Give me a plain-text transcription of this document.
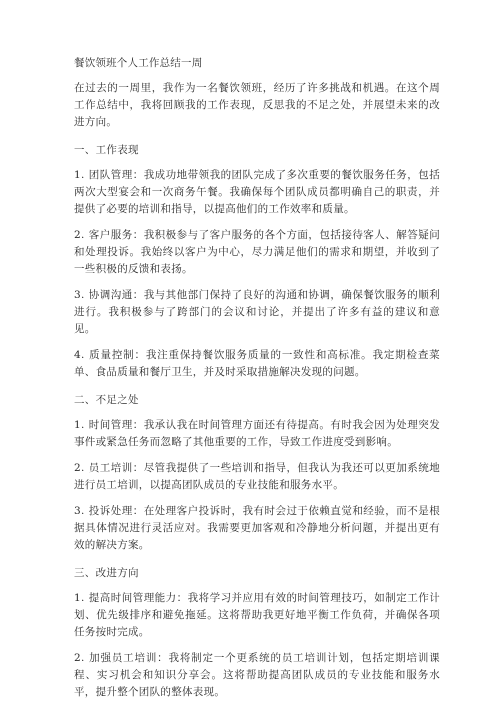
餐饮领班个人工作总结一周
在过去的一周里，我作为一名餐饮领班，经历了许多挑战和机遇。在这个周工作总结中，我将回顾我的工作表现，反思我的不足之处，并展望未来的改进方向。
一、工作表现
1. 团队管理：我成功地带领我的团队完成了多次重要的餐饮服务任务，包括两次大型宴会和一次商务午餐。我确保每个团队成员都明确自己的职责，并提供了必要的培训和指导，以提高他们的工作效率和质量。
2. 客户服务：我积极参与了客户服务的各个方面，包括接待客人、解答疑问和处理投诉。我始终以客户为中心，尽力满足他们的需求和期望，并收到了一些积极的反馈和表扬。
3. 协调沟通：我与其他部门保持了良好的沟通和协调，确保餐饮服务的顺利进行。我积极参与了跨部门的会议和讨论，并提出了许多有益的建议和意见。
4. 质量控制：我注重保持餐饮服务质量的一致性和高标准。我定期检查菜单、食品质量和餐厅卫生，并及时采取措施解决发现的问题。
二、不足之处
1. 时间管理：我承认我在时间管理方面还有待提高。有时我会因为处理突发事件或紧急任务而忽略了其他重要的工作，导致工作进度受到影响。
2. 员工培训：尽管我提供了一些培训和指导，但我认为我还可以更加系统地进行员工培训，以提高团队成员的专业技能和服务水平。
3. 投诉处理：在处理客户投诉时，我有时会过于依赖直觉和经验，而不是根据具体情况进行灵活应对。我需要更加客观和冷静地分析问题，并提出更有效的解决方案。
三、改进方向
1. 提高时间管理能力：我将学习并应用有效的时间管理技巧，如制定工作计划、优先级排序和避免拖延。这将帮助我更好地平衡工作负荷，并确保各项任务按时完成。
2. 加强员工培训：我将制定一个更系统的员工培训计划，包括定期培训课程、实习机会和知识分享会。这将帮助提高团队成员的专业技能和服务水平，提升整个团队的整体表现。
